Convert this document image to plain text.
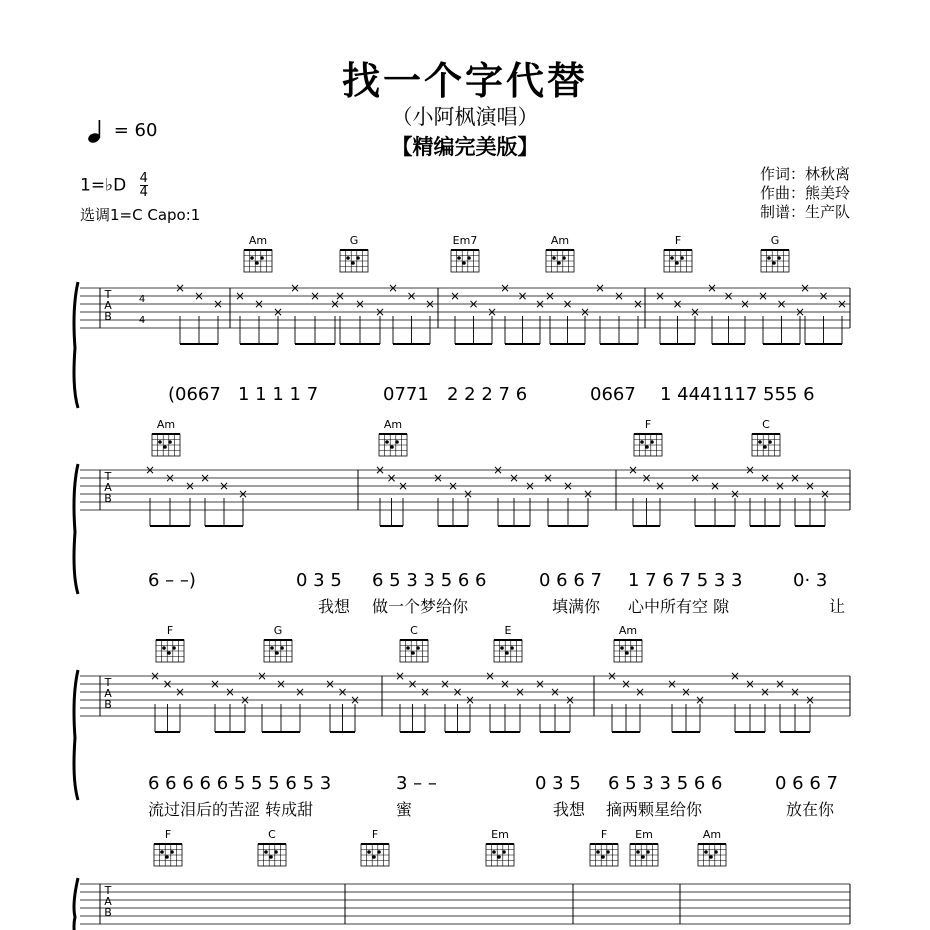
找一个字代替
（小阿枫演唱）
【精编完美版】
= 60
1=♭D $\frac{4}{4}$
选调1=C Capo:1
作词：林秋离
作曲：熊美玲
制谱：生产队
T
A
B
4
4
Am	G	Em7	Am	F	G
×
×
×
×
×
×
×
×
×
×
×
×
×
×
×
×
×
×
×
×
×
×
×
×
×
×
×
×
×
×
×
×
×
×
×
×
×
×
×
T
A
B
Am	Am	F	C
×
×
×
×
×
×
×
×
×
×
×
×
×
×
×
×
×
×
×
×
×
×
×
×
×
×
×
×
×
×
T
A
B
F	G	C	E	Am
×
×
×
×
×
×
×
×
×
×
×
×
×
×
×
×
×
×
×
×
×
×
×
×
×
×
×
×
×
×
×
×
×
×
×
×
T
A
B
F	C	F	Em	F	Em	Am
(0667 1 1 1 1 7	0771 2 2 2 7 6	0667 1 4441117 555 6
6 – –)	0 3 5 6 5 3 3 5 6 6	0 6 6 7 1 7 6 7 5 3 3	0· 3
我想 做一个梦给你	填满你 心中所有空 隙	让
6 6 6 6 6 5 5 5 6 5 3	3 – –	0 3 5 6 5 3 3 5 6 6	0 6 6 7
流过泪后的苦涩 转成甜	蜜	我想 摘两颗星给你	放在你
